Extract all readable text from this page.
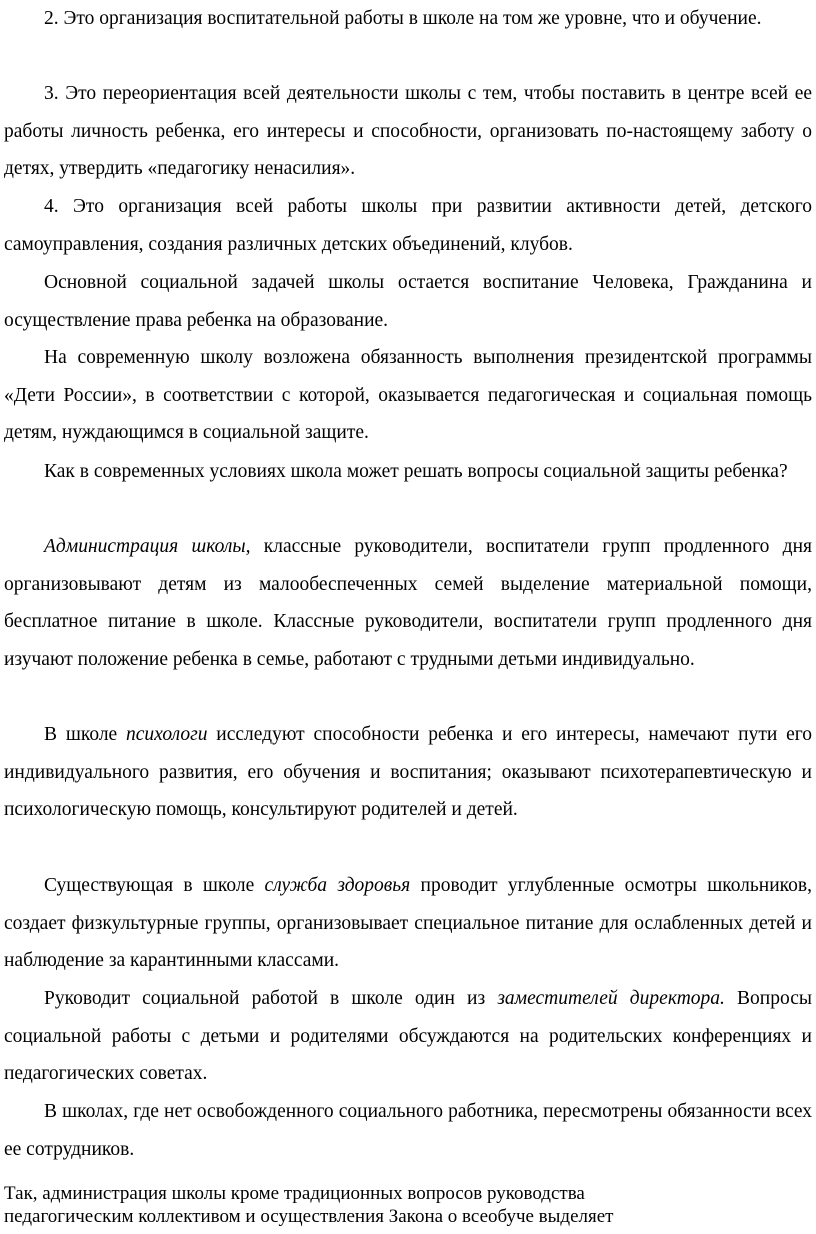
2. Это организация воспитательной работы в школе на том же уровне, что и обучение.

3. Это переориентация всей деятельности школы с тем, чтобы поставить в центре всей ее работы личность ребенка, его интересы и способности, организовать по-настоящему заботу о детях, утвердить «педагогику ненасилия».

4. Это организация всей работы школы при развитии активности детей, детского самоуправления, создания различных детских объединений, клубов.

Основной социальной задачей школы остается воспитание Человека, Гражданина и осуществление права ребенка на образование.

На современную школу возложена обязанность выполнения президентской программы «Дети России», в соответствии с которой, оказывается педагогическая и социальная помощь детям, нуждающимся в социальной защите.

Как в современных условиях школа может решать вопросы социальной защиты ребенка?

Администрация школы, классные руководители, воспитатели групп продленного дня организовывают детям из малообеспеченных семей выделение материальной помощи, бесплатное питание в школе. Классные руководители, воспитатели групп продленного дня изучают положение ребенка в семье, работают с трудными детьми индивидуально.

В школе психологи исследуют способности ребенка и его интересы, намечают пути его индивидуального развития, его обучения и воспитания; оказывают психотерапевтическую и психологическую помощь, консультируют родителей и детей.

Существующая в школе служба здоровья проводит углубленные осмотры школьников, создает физкультурные группы, организовывает специальное питание для ослабленных детей и наблюдение за карантинными классами.

Руководит социальной работой в школе один из заместителей директора. Вопросы социальной работы с детьми и родителями обсуждаются на родительских конференциях и педагогических советах.

В школах, где нет освобожденного социального работника, пересмотрены обязанности всех ее сотрудников.

Так, администрация школы кроме традиционных вопросов руководства
педагогическим коллективом и осуществления Закона о всеобуче выделяет
